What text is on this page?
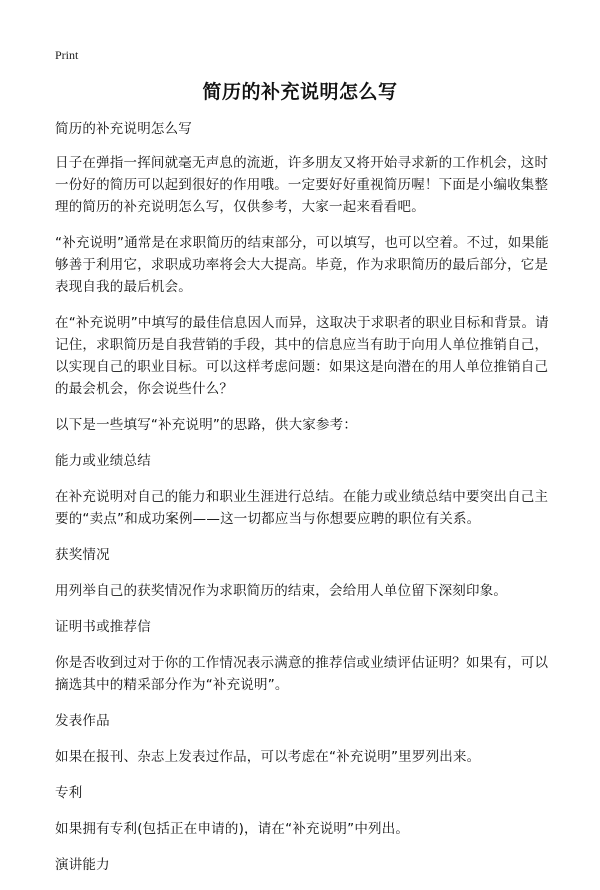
Print
简历的补充说明怎么写

简历的补充说明怎么写

日子在弹指一挥间就毫无声息的流逝，许多朋友又将开始寻求新的工作机会，这时一份好的简历可以起到很好的作用哦。一定要好好重视简历喔！下面是小编收集整理的简历的补充说明怎么写，仅供参考，大家一起来看看吧。

“补充说明”通常是在求职简历的结束部分，可以填写，也可以空着。不过，如果能够善于利用它，求职成功率将会大大提高。毕竟，作为求职简历的最后部分，它是表现自我的最后机会。

在“补充说明”中填写的最佳信息因人而异，这取决于求职者的职业目标和背景。请记住，求职简历是自我营销的手段，其中的信息应当有助于向用人单位推销自己，以实现自己的职业目标。可以这样考虑问题：如果这是向潜在的用人单位推销自己的最会机会，你会说些什么？

以下是一些填写“补充说明”的思路，供大家参考：

能力或业绩总结

在补充说明对自己的能力和职业生涯进行总结。在能力或业绩总结中要突出自己主要的“卖点”和成功案例——这一切都应当与你想要应聘的职位有关系。

获奖情况

用列举自己的获奖情况作为求职简历的结束，会给用人单位留下深刻印象。

证明书或推荐信

你是否收到过对于你的工作情况表示满意的推荐信或业绩评估证明？如果有，可以摘选其中的精采部分作为“补充说明”。

发表作品

如果在报刊、杂志上发表过作品，可以考虑在“补充说明”里罗列出来。

专利

如果拥有专利(包括正在申请的)，请在“补充说明”中列出。

演讲能力
